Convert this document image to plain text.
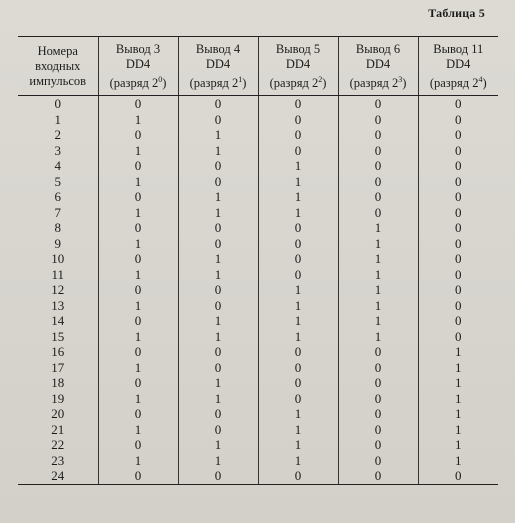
Таблица 5
Номера
входных
импульсов	Вывод 3
DD4
(разряд $2^0$)	Вывод 4
DD4
(разряд $2^1$)	Вывод 5
DD4
(разряд $2^2$)	Вывод 6
DD4
(разряд $2^3$)	Вывод 11
DD4
(разряд $2^4$)
0	0	0	0	0	0
1	1	0	0	0	0
2	0	1	0	0	0
3	1	1	0	0	0
4	0	0	1	0	0
5	1	0	1	0	0
6	0	1	1	0	0
7	1	1	1	0	0
8	0	0	0	1	0
9	1	0	0	1	0
10	0	1	0	1	0
11	1	1	0	1	0
12	0	0	1	1	0
13	1	0	1	1	0
14	0	1	1	1	0
15	1	1	1	1	0
16	0	0	0	0	1
17	1	0	0	0	1
18	0	1	0	0	1
19	1	1	0	0	1
20	0	0	1	0	1
21	1	0	1	0	1
22	0	1	1	0	1
23	1	1	1	0	1
24	0	0	0	0	0
